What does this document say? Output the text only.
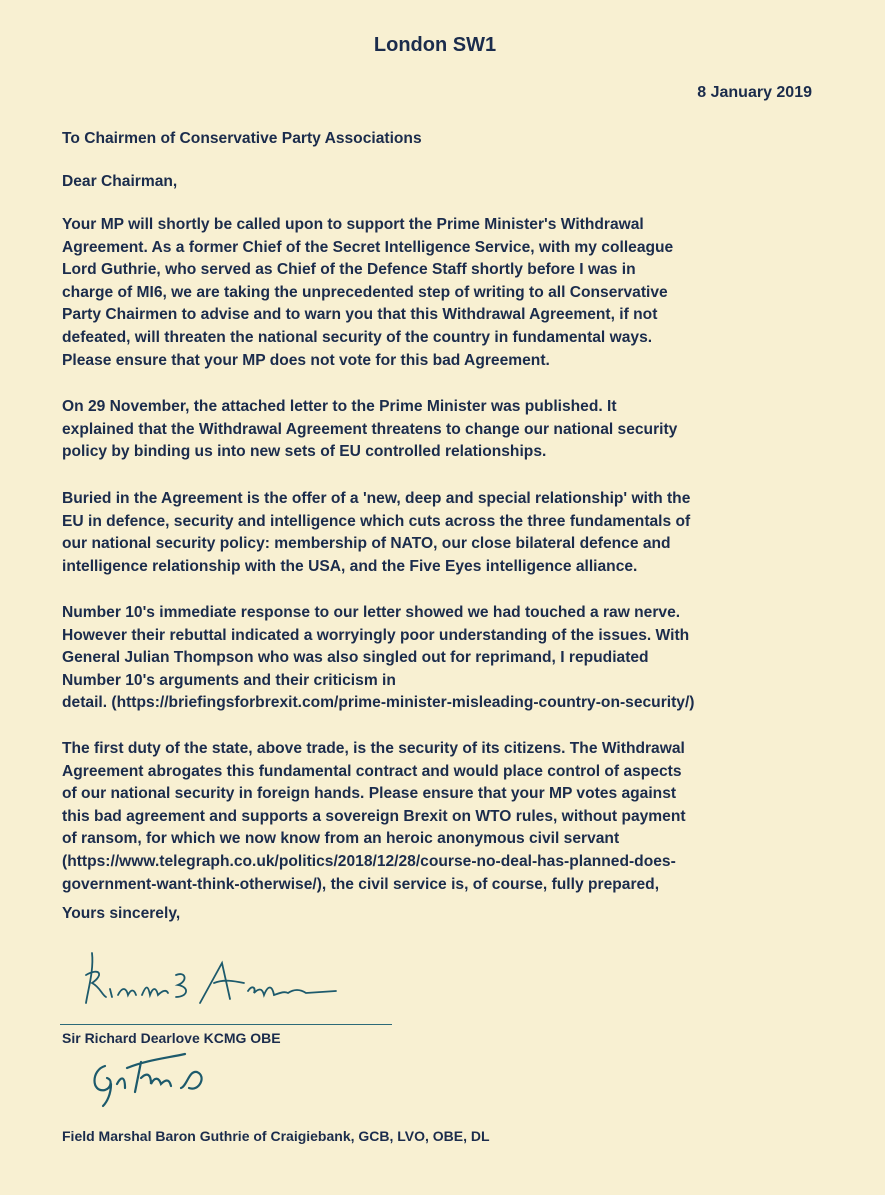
London SW1
8 January 2019
To Chairmen of Conservative Party Associations
Dear Chairman,
Your MP will shortly be called upon to support the Prime Minister's Withdrawal
Agreement. As a former Chief of the Secret Intelligence Service, with my colleague
Lord Guthrie, who served as Chief of the Defence Staff shortly before I was in
charge of MI6, we are taking the unprecedented step of writing to all Conservative
Party Chairmen to advise and to warn you that this Withdrawal Agreement, if not
defeated, will threaten the national security of the country in fundamental ways.
Please ensure that your MP does not vote for this bad Agreement.
On 29 November, the attached letter to the Prime Minister was published. It
explained that the Withdrawal Agreement threatens to change our national security
policy by binding us into new sets of EU controlled relationships.
Buried in the Agreement is the offer of a 'new, deep and special relationship' with the
EU in defence, security and intelligence which cuts across the three fundamentals of
our national security policy: membership of NATO, our close bilateral defence and
intelligence relationship with the USA, and the Five Eyes intelligence alliance.
Number 10's immediate response to our letter showed we had touched a raw nerve.
However their rebuttal indicated a worryingly poor understanding of the issues. With
General Julian Thompson who was also singled out for reprimand, I repudiated
Number 10's arguments and their criticism in
detail. (https://briefingsforbrexit.com/prime-minister-misleading-country-on-security/)
The first duty of the state, above trade, is the security of its citizens. The Withdrawal
Agreement abrogates this fundamental contract and would place control of aspects
of our national security in foreign hands. Please ensure that your MP votes against
this bad agreement and supports a sovereign Brexit on WTO rules, without payment
of ransom, for which we now know from an heroic anonymous civil servant
(https://www.telegraph.co.uk/politics/2018/12/28/course-no-deal-has-planned-does-
government-want-think-otherwise/), the civil service is, of course, fully prepared,
Yours sincerely,
Sir Richard Dearlove KCMG OBE
Field Marshal Baron Guthrie of Craigiebank, GCB, LVO, OBE, DL
